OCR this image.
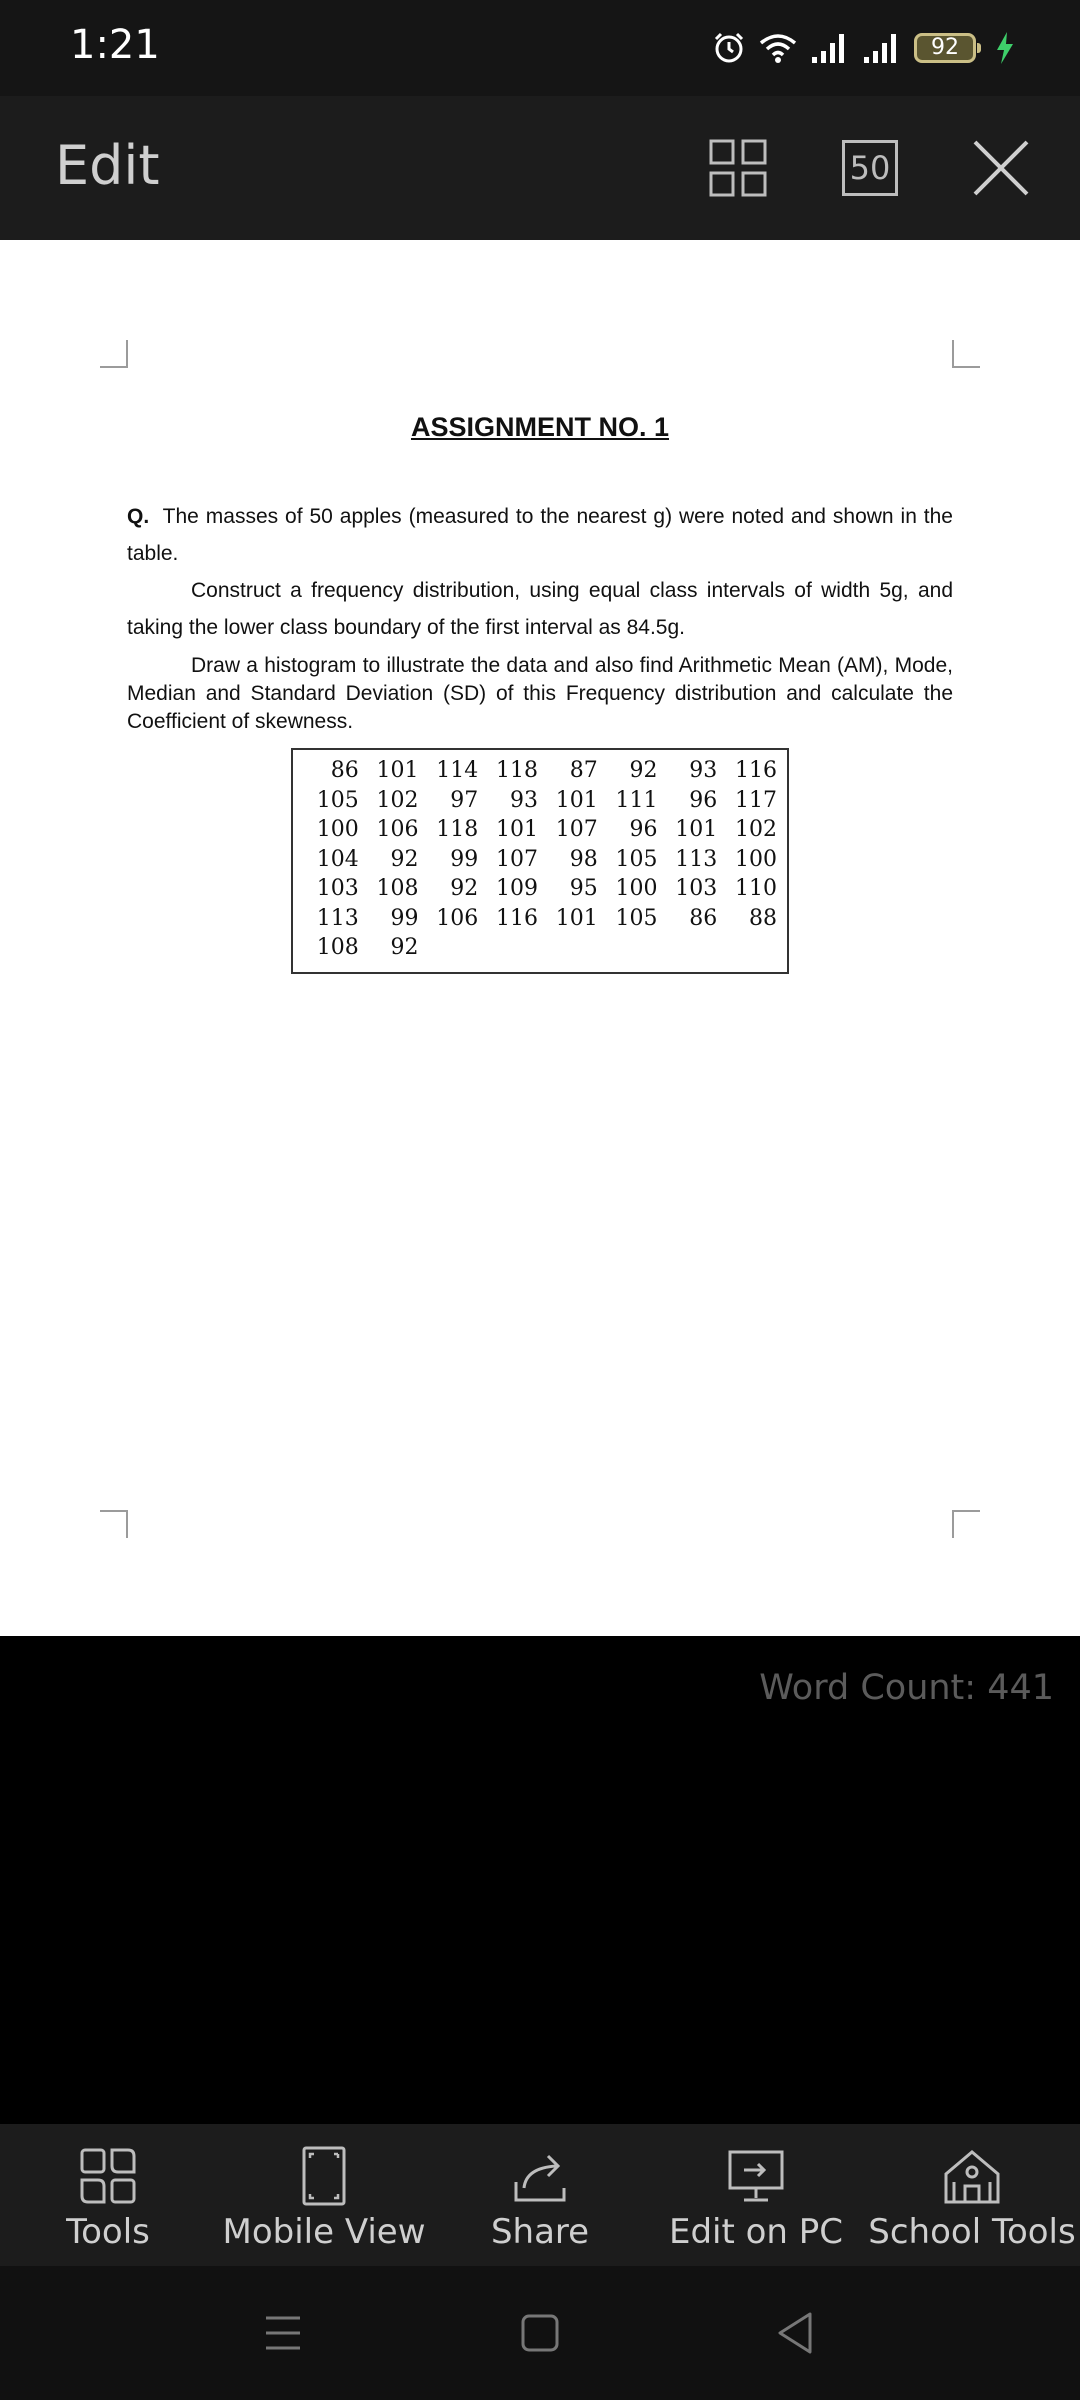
1:21	92
Edit	50
ASSIGNMENT NO. 1
Q. The masses of 50 apples (measured to the nearest g) were noted and shown in the table.
Construct a frequency distribution, using equal class intervals of width 5g, and taking the lower class boundary of the first interval as 84.5g.
Draw a histogram to illustrate the data and also find Arithmetic Mean (AM), Mode, Median and Standard Deviation (SD) of this Frequency distribution and calculate the Coefficient of skewness.
86	101	114	118	87	92	93	116
105	102	97	93	101	111	96	117
100	106	118	101	107	96	101	102
104	92	99	107	98	105	113	100
103	108	92	109	95	100	103	110
113	99	106	116	101	105	86	88
108	92						
Word Count: 441
Tools	Mobile View	Share	Edit on PC School Tools
